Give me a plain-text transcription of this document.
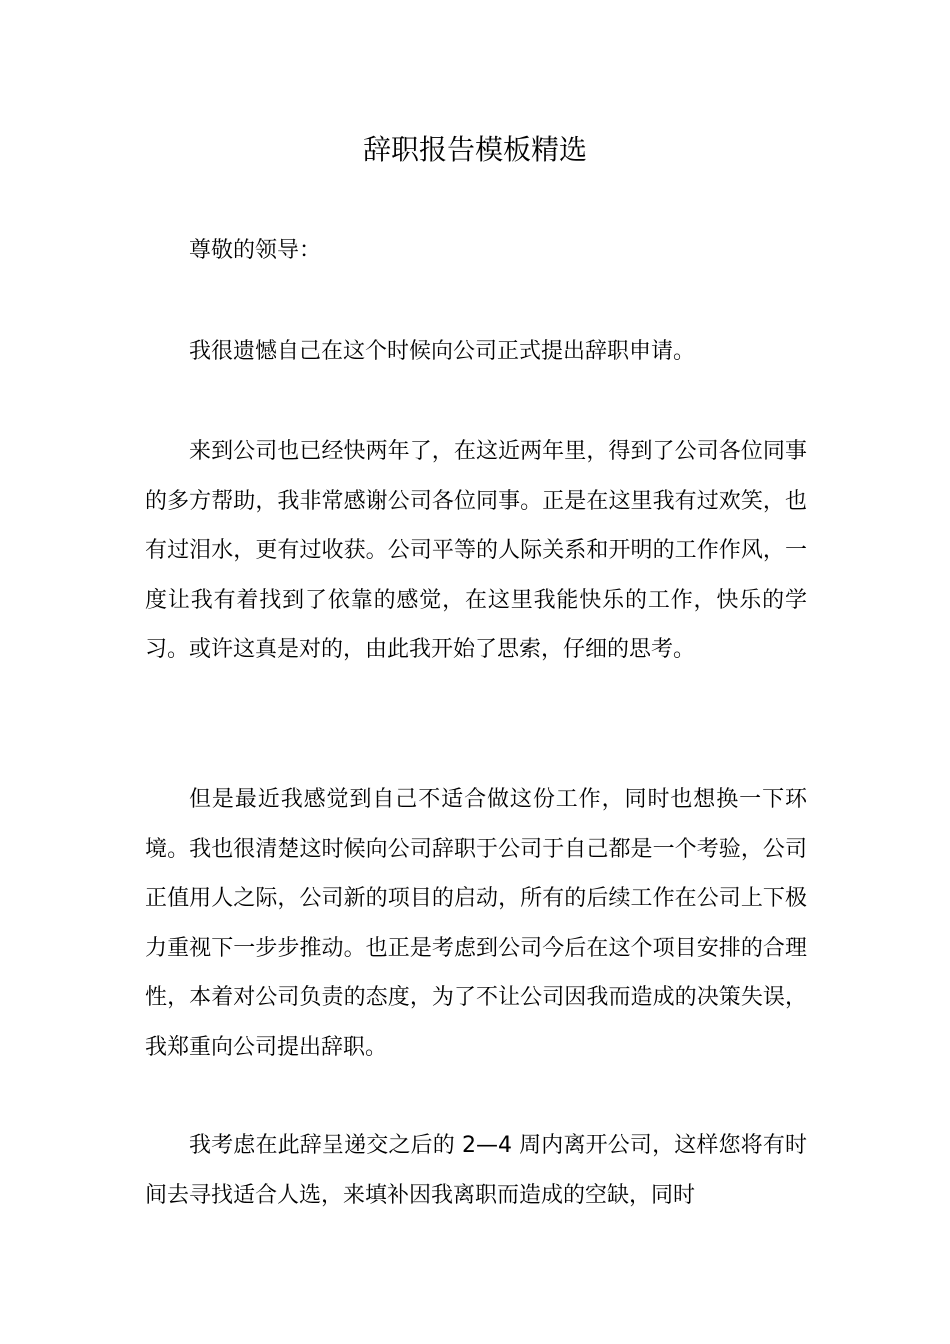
辞职报告模板精选

尊敬的领导：

我很遗憾自己在这个时候向公司正式提出辞职申请。

来到公司也已经快两年了，在这近两年里，得到了公司各位同事的多方帮助，我非常感谢公司各位同事。正是在这里我有过欢笑，也有过泪水，更有过收获。公司平等的人际关系和开明的工作作风，一度让我有着找到了依靠的感觉，在这里我能快乐的工作，快乐的学习。或许这真是对的，由此我开始了思索，仔细的思考。

但是最近我感觉到自己不适合做这份工作，同时也想换一下环境。我也很清楚这时候向公司辞职于公司于自己都是一个考验，公司正值用人之际，公司新的项目的启动，所有的后续工作在公司上下极力重视下一步步推动。也正是考虑到公司今后在这个项目安排的合理性，本着对公司负责的态度，为了不让公司因我而造成的决策失误，我郑重向公司提出辞职。

我考虑在此辞呈递交之后的 2—4 周内离开公司，这样您将有时间去寻找适合人选，来填补因我离职而造成的空缺，同时
